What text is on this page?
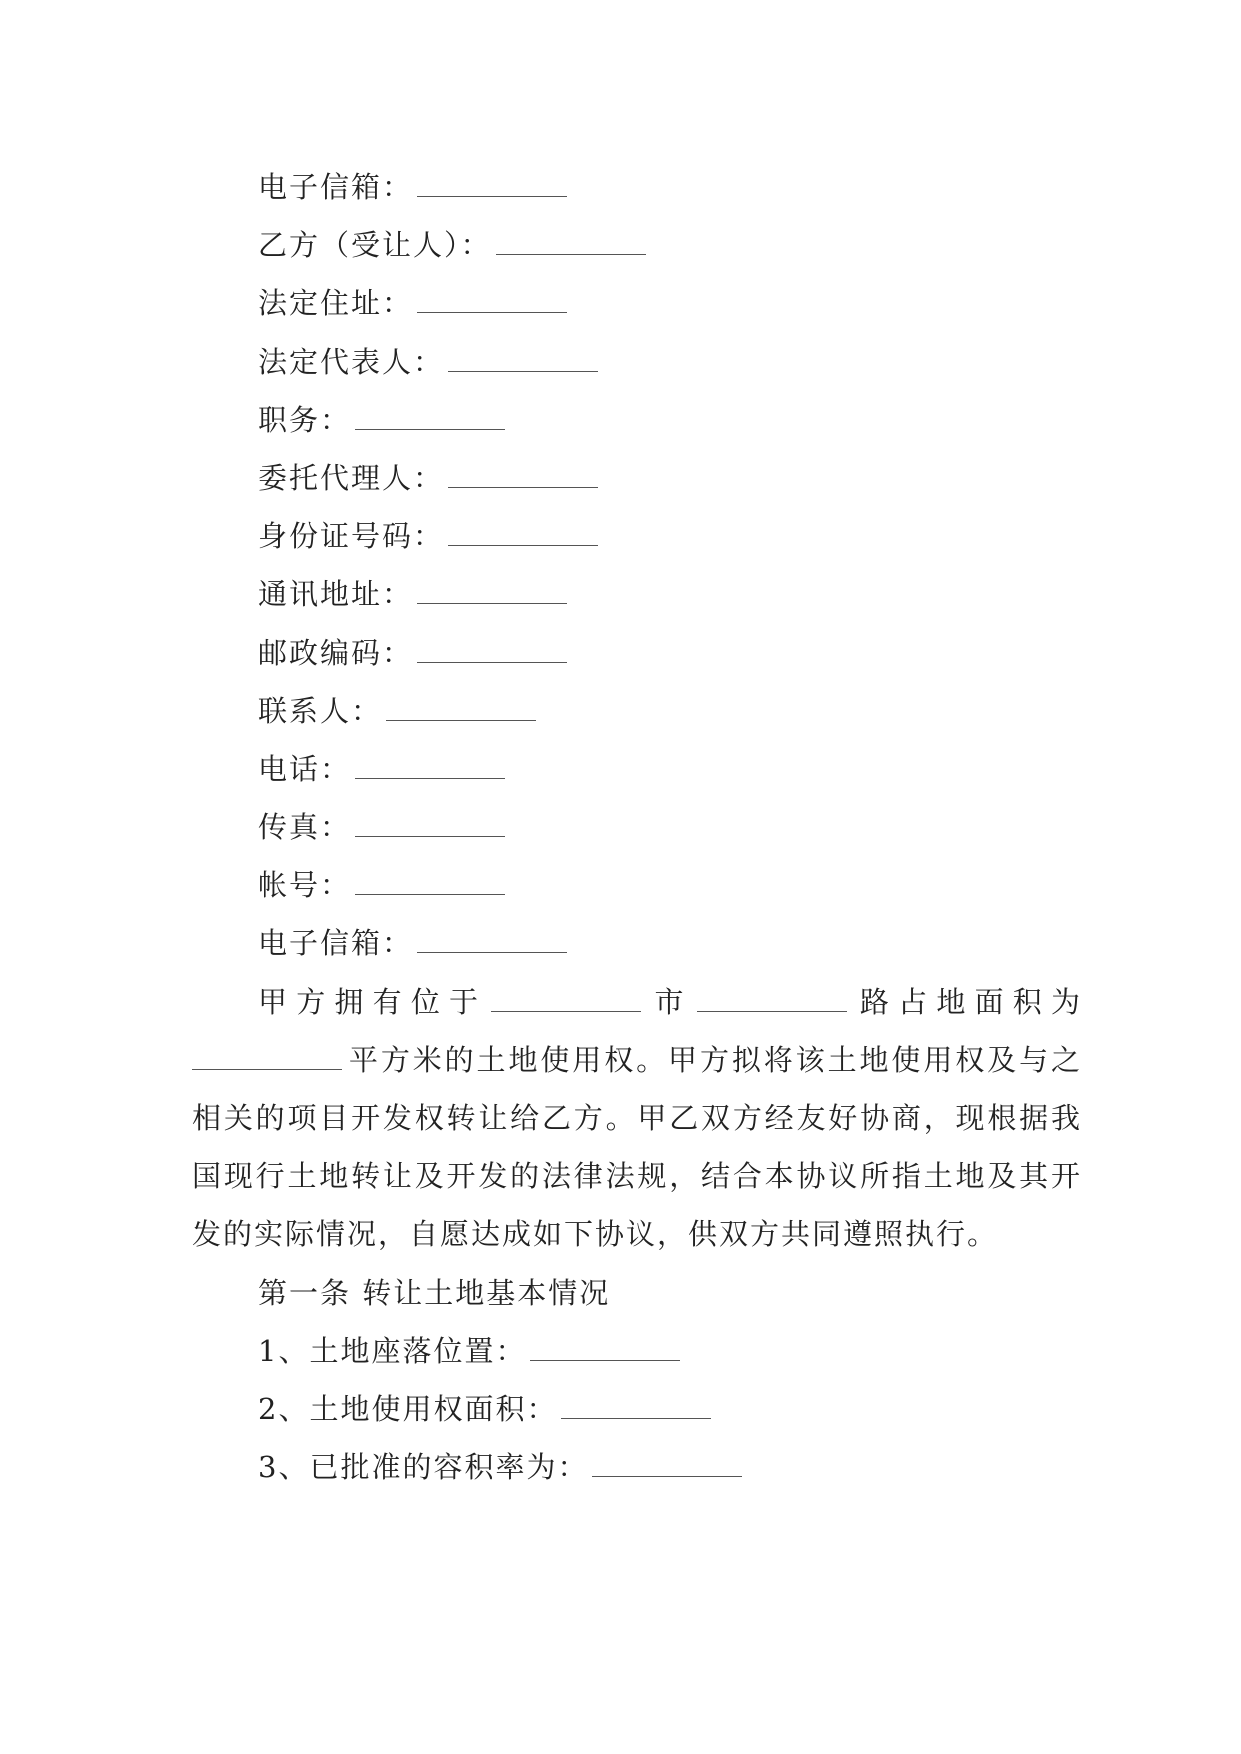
电子信箱：
乙方（受让人）：
法定住址：
法定代表人：
职务：
委托代理人：
身份证号码：
通讯地址：
邮政编码：
联系人：
电话：
传真：
帐号：
电子信箱：
甲方拥有位于	市	路占地面积为平方米的土地使用权。甲方拟将该土地使用权及与之相关的项目开发权转让给乙方。甲乙双方经友好协商，现根据我国现行土地转让及开发的法律法规，结合本协议所指土地及其开发的实际情况，自愿达成如下协议，供双方共同遵照执行。
第一条 转让土地基本情况
1、土地座落位置：
2、土地使用权面积：
3、已批准的容积率为：
